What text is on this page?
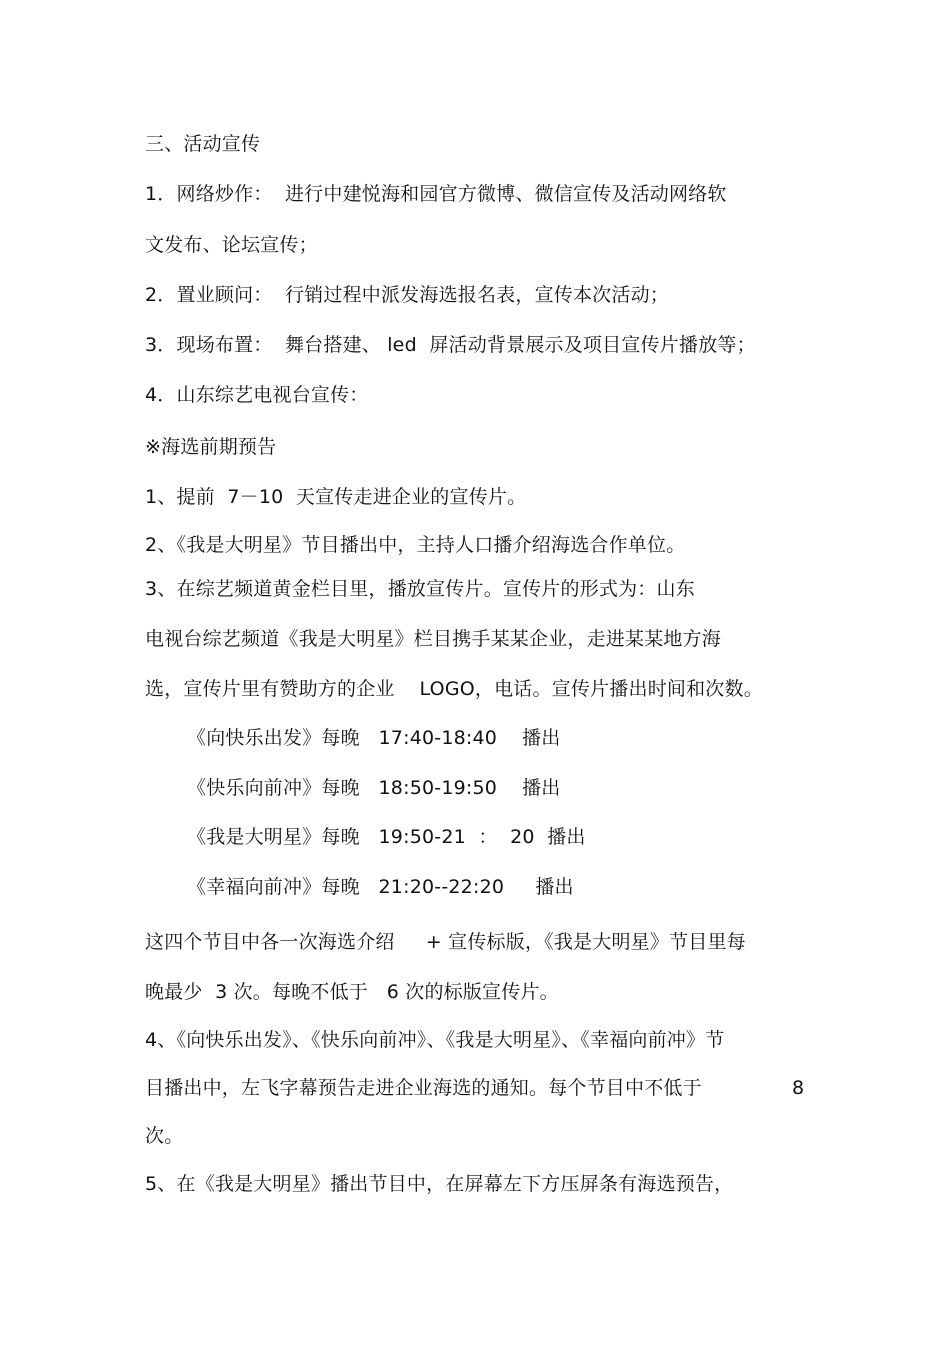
三、活动宣传
1．网络炒作：  进行中建悦海和园官方微博、微信宣传及活动网络软
文发布、论坛宣传；
2．置业顾问：  行销过程中派发海选报名表，宣传本次活动；
3．现场布置：  舞台搭建、 led  屏活动背景展示及项目宣传片播放等；
4．山东综艺电视台宣传：
※海选前期预告
1、提前  7－10  天宣传走进企业的宣传片。
2、《我是大明星》节目播出中，主持人口播介绍海选合作单位。
3、在综艺频道黄金栏目里，播放宣传片。宣传片的形式为：山东
电视台综艺频道《我是大明星》栏目携手某某企业，走进某某地方海
选，宣传片里有赞助方的企业    LOGO，电话。宣传片播出时间和次数。
《向快乐出发》每晚   17:40-18:40    播出
《快乐向前冲》每晚   18:50-19:50    播出
《我是大明星》每晚   19:50-21  ：  20  播出
《幸福向前冲》每晚   21:20--22:20     播出
这四个节目中各一次海选介绍     + 宣传标版，《我是大明星》节目里每
晚最少  3 次。每晚不低于   6 次的标版宣传片。
4、《向快乐出发》、《快乐向前冲》、《我是大明星》、《幸福向前冲》节
目播出中，左飞字幕预告走进企业海选的通知。每个节目中不低于	8
次。
5、在《我是大明星》播出节目中，在屏幕左下方压屏条有海选预告，
